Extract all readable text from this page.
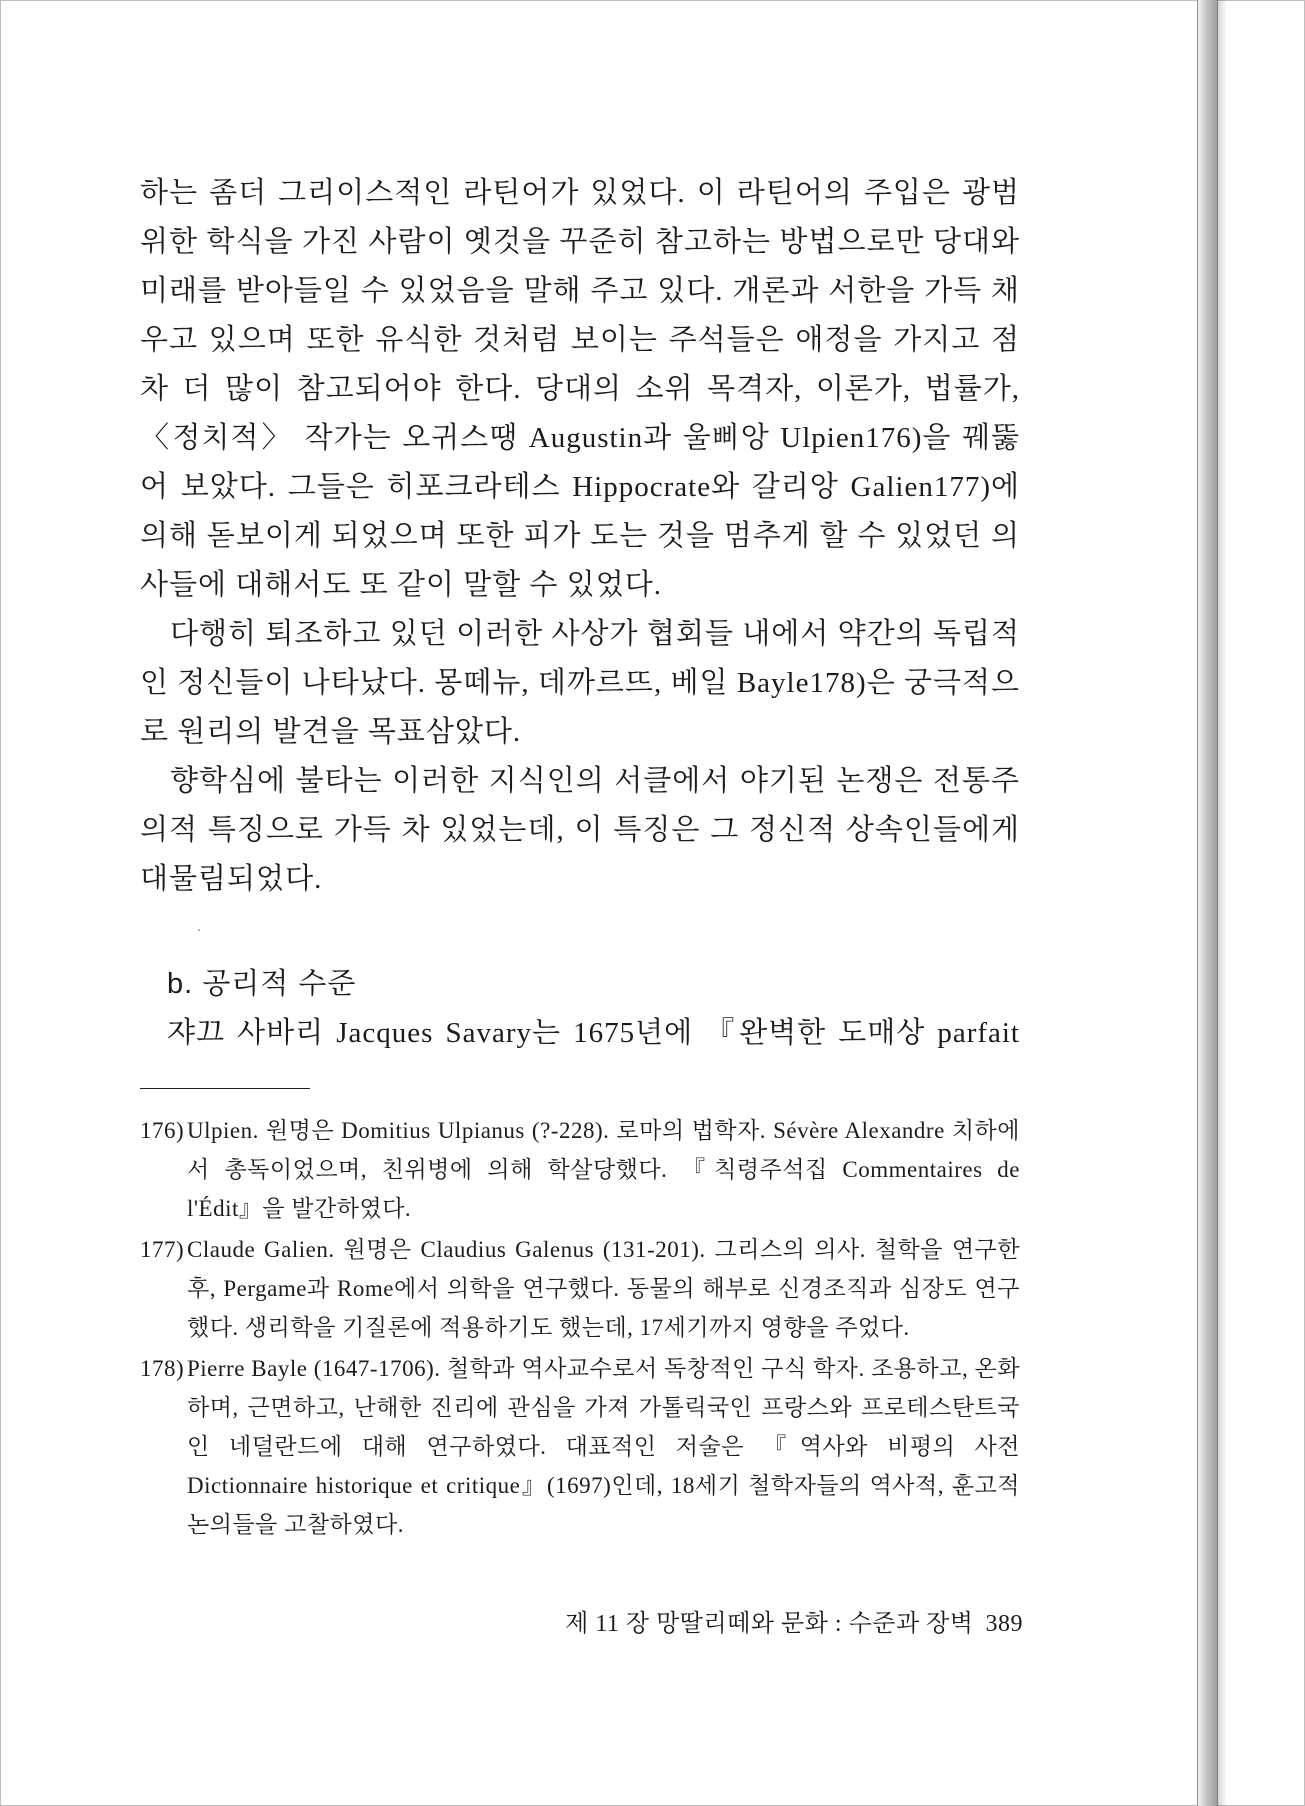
하는 좀더 그리이스적인 라틴어가 있었다. 이 라틴어의 주입은 광범위한 학식을 가진 사람이 옛것을 꾸준히 참고하는 방법으로만 당대와 미래를 받아들일 수 있었음을 말해 주고 있다. 개론과 서한을 가득 채우고 있으며 또한 유식한 것처럼 보이는 주석들은 애정을 가지고 점차 더 많이 참고되어야 한다. 당대의 소위 목격자, 이론가, 법률가, 〈정치적〉 작가는 오귀스땡 Augustin과 울삐앙 Ulpien176)을 꿰뚫어 보았다. 그들은 히포크라테스 Hippocrate와 갈리앙 Galien177)에 의해 돋보이게 되었으며 또한 피가 도는 것을 멈추게 할 수 있었던 의사들에 대해서도 또 같이 말할 수 있었다.

다행히 퇴조하고 있던 이러한 사상가 협회들 내에서 약간의 독립적인 정신들이 나타났다. 몽떼뉴, 데까르뜨, 베일 Bayle178)은 궁극적으로 원리의 발견을 목표삼았다.

향학심에 불타는 이러한 지식인의 서클에서 야기된 논쟁은 전통주의적 특징으로 가득 차 있었는데, 이 특징은 그 정신적 상속인들에게 대물림되었다.

b. 공리적 수준

쟈끄 사바리 Jacques Savary는 1675년에 『완벽한 도매상 parfait

176) Ulpien. 원명은 Domitius Ulpianus (?-228). 로마의 법학자. Sévère Alexandre 치하에서 총독이었으며, 친위병에 의해 학살당했다. 『칙령주석집 Commentaires de l'Édit』을 발간하였다.
177) Claude Galien. 원명은 Claudius Galenus (131-201). 그리스의 의사. 철학을 연구한 후, Pergame과 Rome에서 의학을 연구했다. 동물의 해부로 신경조직과 심장도 연구했다. 생리학을 기질론에 적용하기도 했는데, 17세기까지 영향을 주었다.
178) Pierre Bayle (1647-1706). 철학과 역사교수로서 독창적인 구식 학자. 조용하고, 온화하며, 근면하고, 난해한 진리에 관심을 가져 가톨릭국인 프랑스와 프로테스탄트국인 네덜란드에 대해 연구하였다. 대표적인 저술은 『역사와 비평의 사전 Dictionnaire historique et critique』(1697)인데, 18세기 철학자들의 역사적, 훈고적 논의들을 고찰하였다.
제 11 장 망딸리떼와 문화 : 수준과 장벽 389
